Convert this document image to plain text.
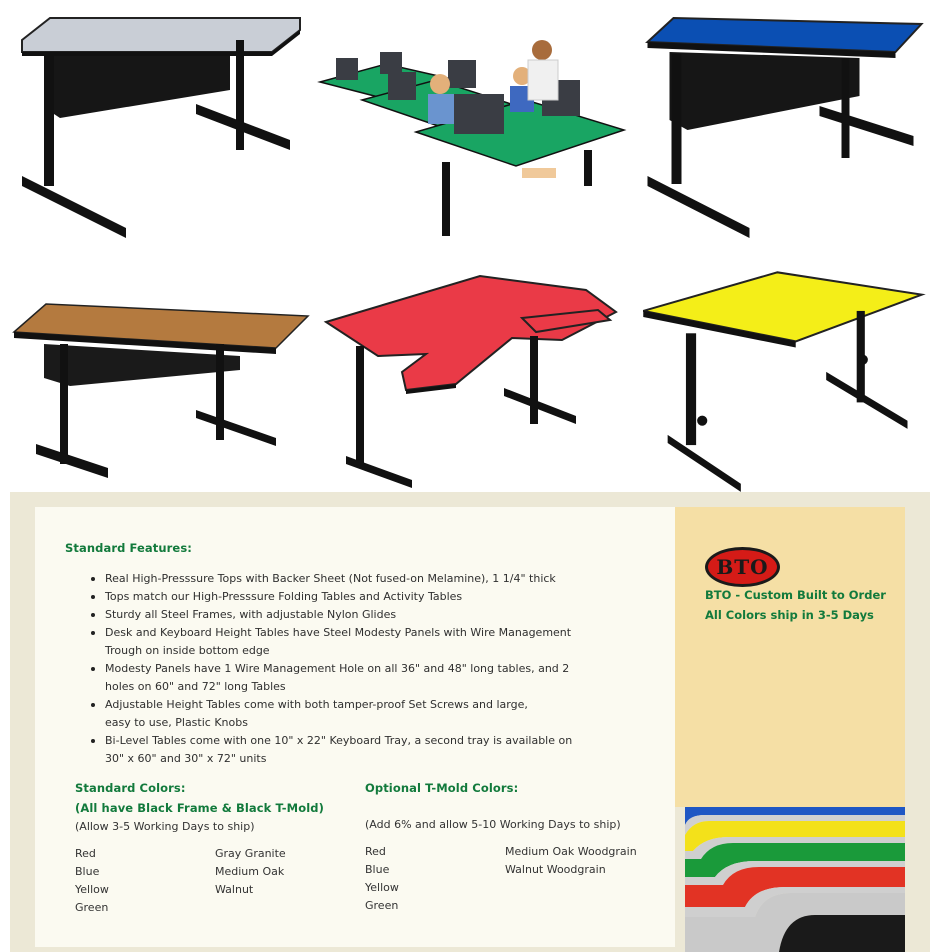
Standard Features:
Real High-Presssure Tops with Backer Sheet (Not fused-on Melamine), 1 1/4" thick
Tops match our High-Presssure Folding Tables and Activity Tables
Sturdy all Steel Frames, with adjustable Nylon Glides
Desk and Keyboard Height Tables have Steel Modesty Panels with Wire Management Trough on inside bottom edge
Modesty Panels have 1 Wire Management Hole on all 36" and 48" long tables, and 2 holes on 60" and 72" long Tables
Adjustable Height Tables come with both tamper-proof Set Screws and large, easy to use, Plastic Knobs
Bi-Level Tables come with one 10" x 22" Keyboard Tray, a second tray is available on 30" x 60" and 30" x 72" units
Standard Colors:
(All have Black Frame & Black T-Mold)
(Allow 3-5 Working Days to ship)
Red
Blue
Yellow
Green
Gray Granite
Medium Oak
Walnut
Optional T-Mold Colors:
(Add 6% and allow 5-10 Working Days to ship)
Red
Blue
Yellow
Green
Medium Oak Woodgrain
Walnut Woodgrain
BTO
BTO - Custom Built to Order
All Colors ship in 3-5 Days
